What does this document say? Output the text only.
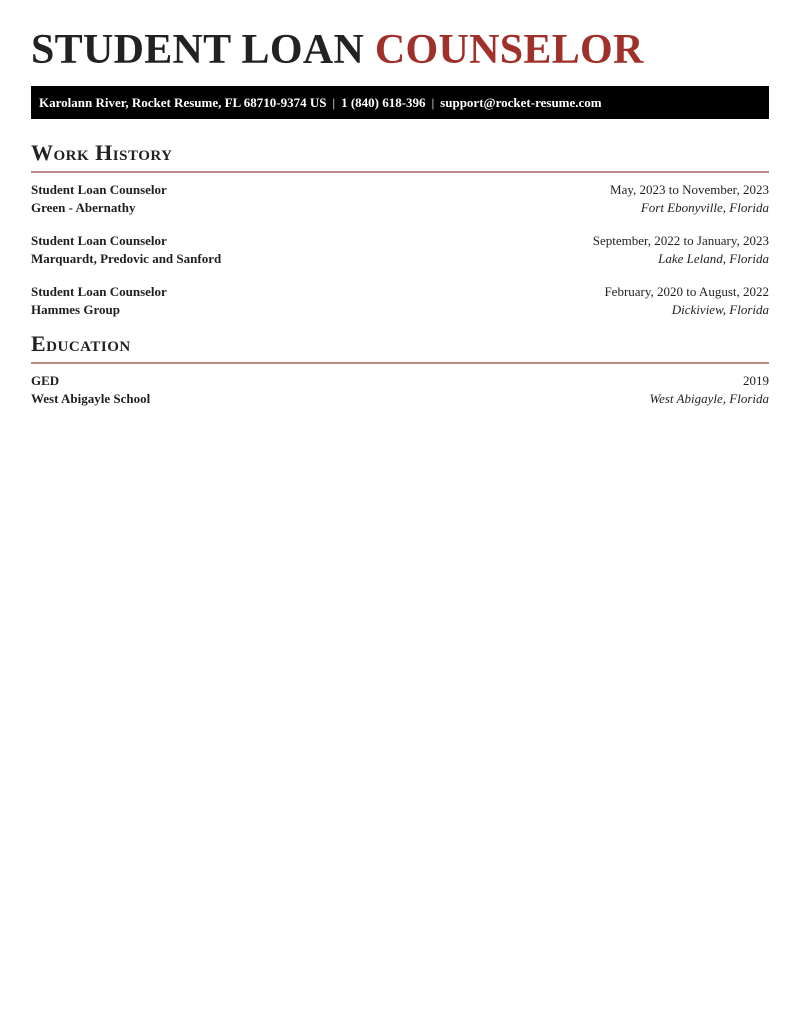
STUDENT LOAN COUNSELOR
Karolann River, Rocket Resume, FL 68710-9374 US | 1 (840) 618-396 | support@rocket-resume.com
Work History
Student Loan Counselor	May, 2023 to November, 2023
Green - Abernathy	Fort Ebonyville, Florida
Student Loan Counselor	September, 2022 to January, 2023
Marquardt, Predovic and Sanford	Lake Leland, Florida
Student Loan Counselor	February, 2020 to August, 2022
Hammes Group	Dickiview, Florida
Education
GED	2019
West Abigayle School	West Abigayle, Florida
